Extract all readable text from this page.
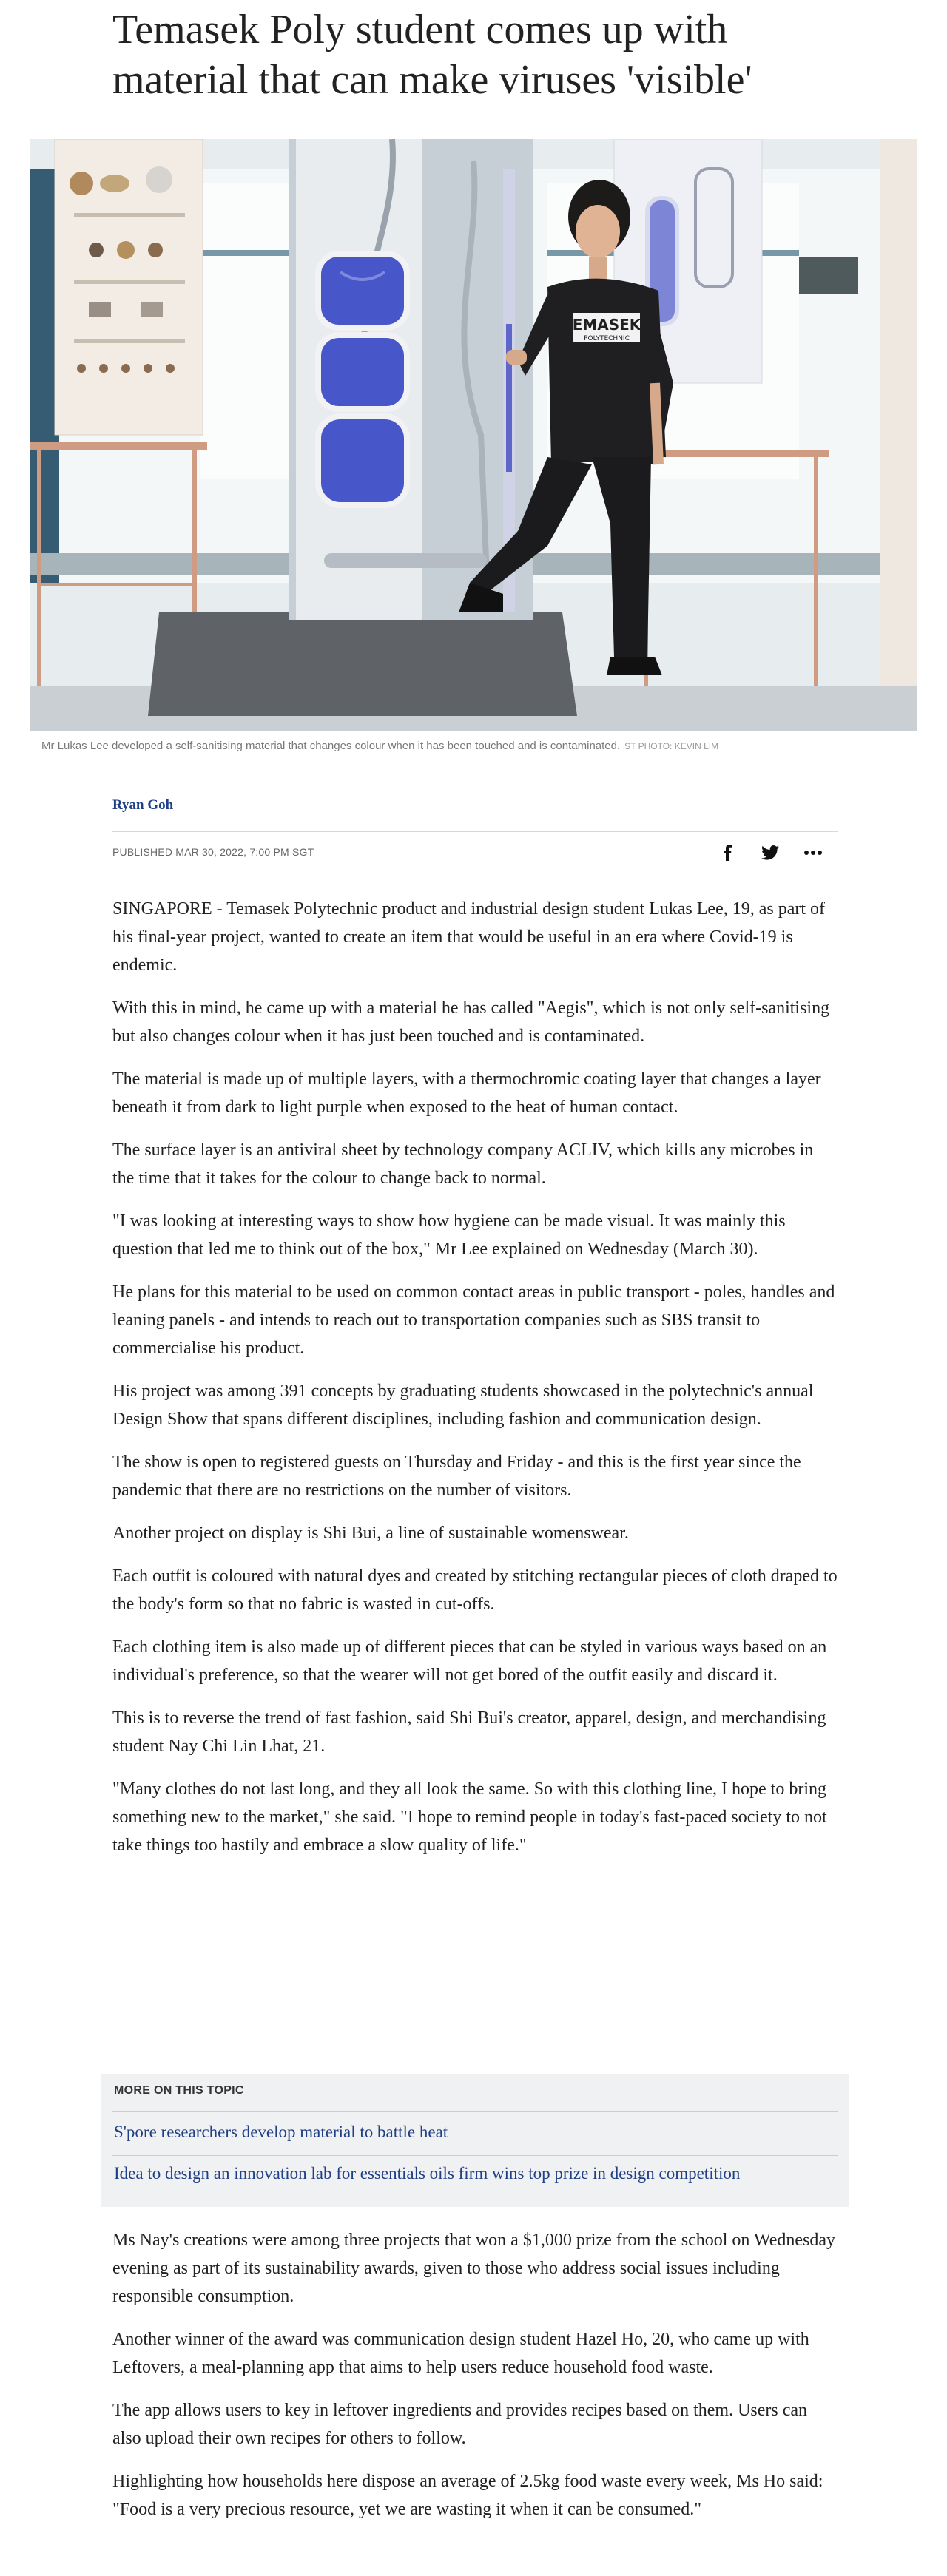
Temasek Poly student comes up with material that can make viruses 'visible'
EMASEK
POLYTECHNIC
Mr Lukas Lee developed a self-sanitising material that changes colour when it has been touched and is contaminated. ST PHOTO: KEVIN LIM
Ryan Goh
PUBLISHED MAR 30, 2022, 7:00 PM SGT

SINGAPORE - Temasek Polytechnic product and industrial design student Lukas Lee, 19, as part of his final-year project, wanted to create an item that would be useful in an era where Covid-19 is endemic.

With this in mind, he came up with a material he has called "Aegis", which is not only self-sanitising but also changes colour when it has just been touched and is contaminated.

The material is made up of multiple layers, with a thermochromic coating layer that changes a layer beneath it from dark to light purple when exposed to the heat of human contact.

The surface layer is an antiviral sheet by technology company ACLIV, which kills any microbes in the time that it takes for the colour to change back to normal.

"I was looking at interesting ways to show how hygiene can be made visual. It was mainly this question that led me to think out of the box," Mr Lee explained on Wednesday (March 30).

He plans for this material to be used on common contact areas in public transport - poles, handles and leaning panels - and intends to reach out to transportation companies such as SBS transit to commercialise his product.

His project was among 391 concepts by graduating students showcased in the polytechnic's annual Design Show that spans different disciplines, including fashion and communication design.

The show is open to registered guests on Thursday and Friday - and this is the first year since the pandemic that there are no restrictions on the number of visitors.

Another project on display is Shi Bui, a line of sustainable womenswear.

Each outfit is coloured with natural dyes and created by stitching rectangular pieces of cloth draped to the body's form so that no fabric is wasted in cut-offs.

Each clothing item is also made up of different pieces that can be styled in various ways based on an individual's preference, so that the wearer will not get bored of the outfit easily and discard it.

This is to reverse the trend of fast fashion, said Shi Bui's creator, apparel, design, and merchandising student Nay Chi Lin Lhat, 21.

"Many clothes do not last long, and they all look the same. So with this clothing line, I hope to bring something new to the market," she said. "I hope to remind people in today's fast-paced society to not take things too hastily and embrace a slow quality of life."

MORE ON THIS TOPIC
S'pore researchers develop material to battle heat
Idea to design an innovation lab for essentials oils firm wins top prize in design competition

Ms Nay's creations were among three projects that won a $1,000 prize from the school on Wednesday evening as part of its sustainability awards, given to those who address social issues including responsible consumption.

Another winner of the award was communication design student Hazel Ho, 20, who came up with Leftovers, a meal-planning app that aims to help users reduce household food waste.

The app allows users to key in leftover ingredients and provides recipes based on them. Users can also upload their own recipes for others to follow.

Highlighting how households here dispose an average of 2.5kg food waste every week, Ms Ho said: "Food is a very precious resource, yet we are wasting it when it can be consumed."
